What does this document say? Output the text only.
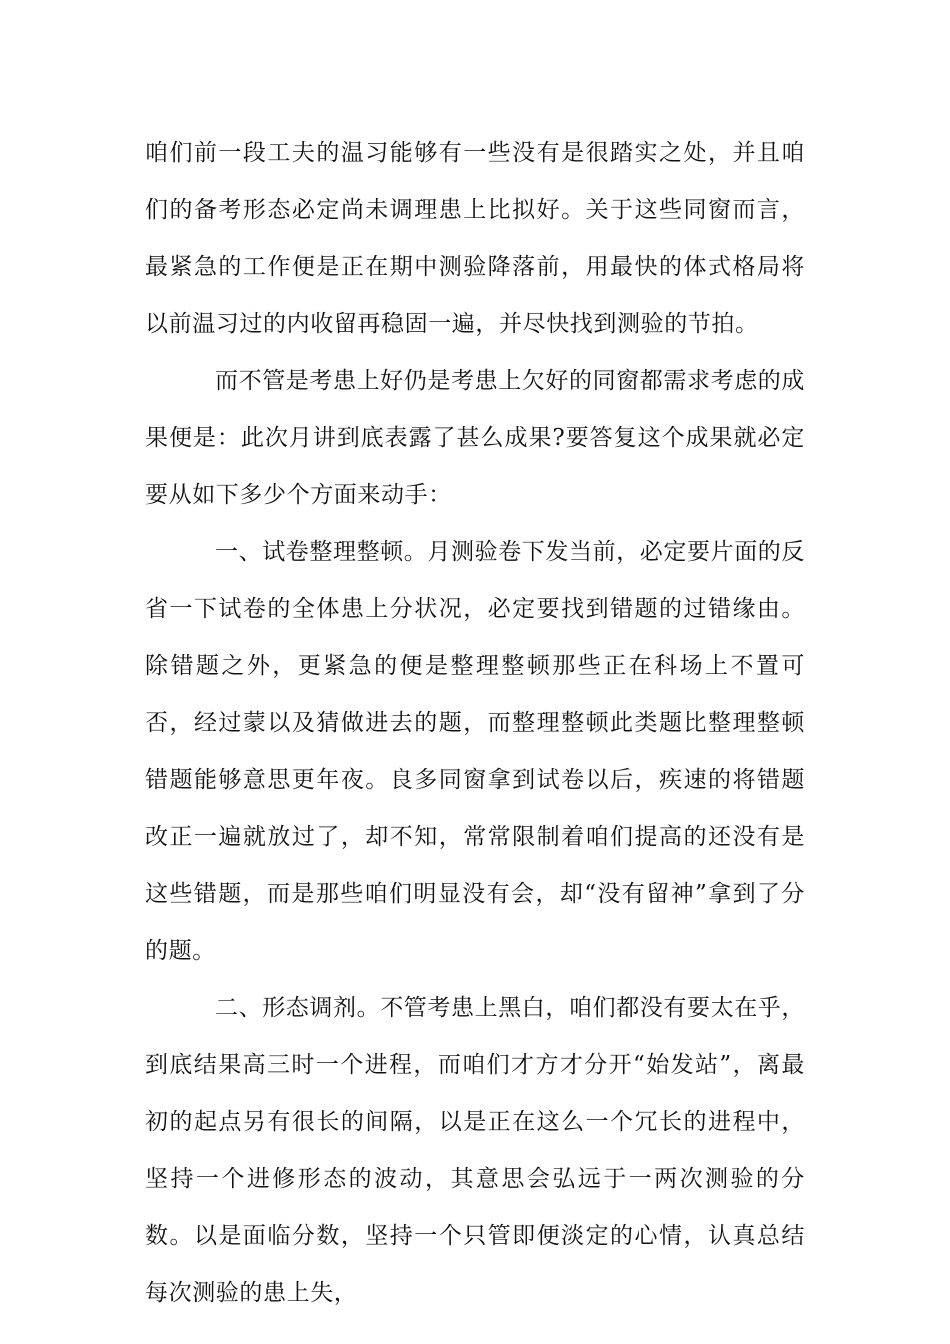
咱们前一段工夫的温习能够有一些没有是很踏实之处，并且咱们的备考形态必定尚未调理患上比拟好。关于这些同窗而言，最紧急的工作便是正在期中测验降落前，用最快的体式格局将以前温习过的内收留再稳固一遍，并尽快找到测验的节拍。

而不管是考患上好仍是考患上欠好的同窗都需求考虑的成果便是：此次月讲到底表露了甚么成果?要答复这个成果就必定要从如下多少个方面来动手：

一、试卷整理整顿。月测验卷下发当前，必定要片面的反省一下试卷的全体患上分状况，必定要找到错题的过错缘由。除错题之外，更紧急的便是整理整顿那些正在科场上不置可否，经过蒙以及猜做进去的题，而整理整顿此类题比整理整顿错题能够意思更年夜。良多同窗拿到试卷以后，疾速的将错题改正一遍就放过了，却不知，常常限制着咱们提高的还没有是这些错题，而是那些咱们明显没有会，却“没有留神”拿到了分的题。

二、形态调剂。不管考患上黑白，咱们都没有要太在乎，到底结果高三时一个进程，而咱们才方才分开“始发站”，离最初的起点另有很长的间隔，以是正在这么一个冗长的进程中，坚持一个进修形态的波动，其意思会弘远于一两次测验的分数。以是面临分数，坚持一个只管即便淡定的心情，认真总结每次测验的患上失，
